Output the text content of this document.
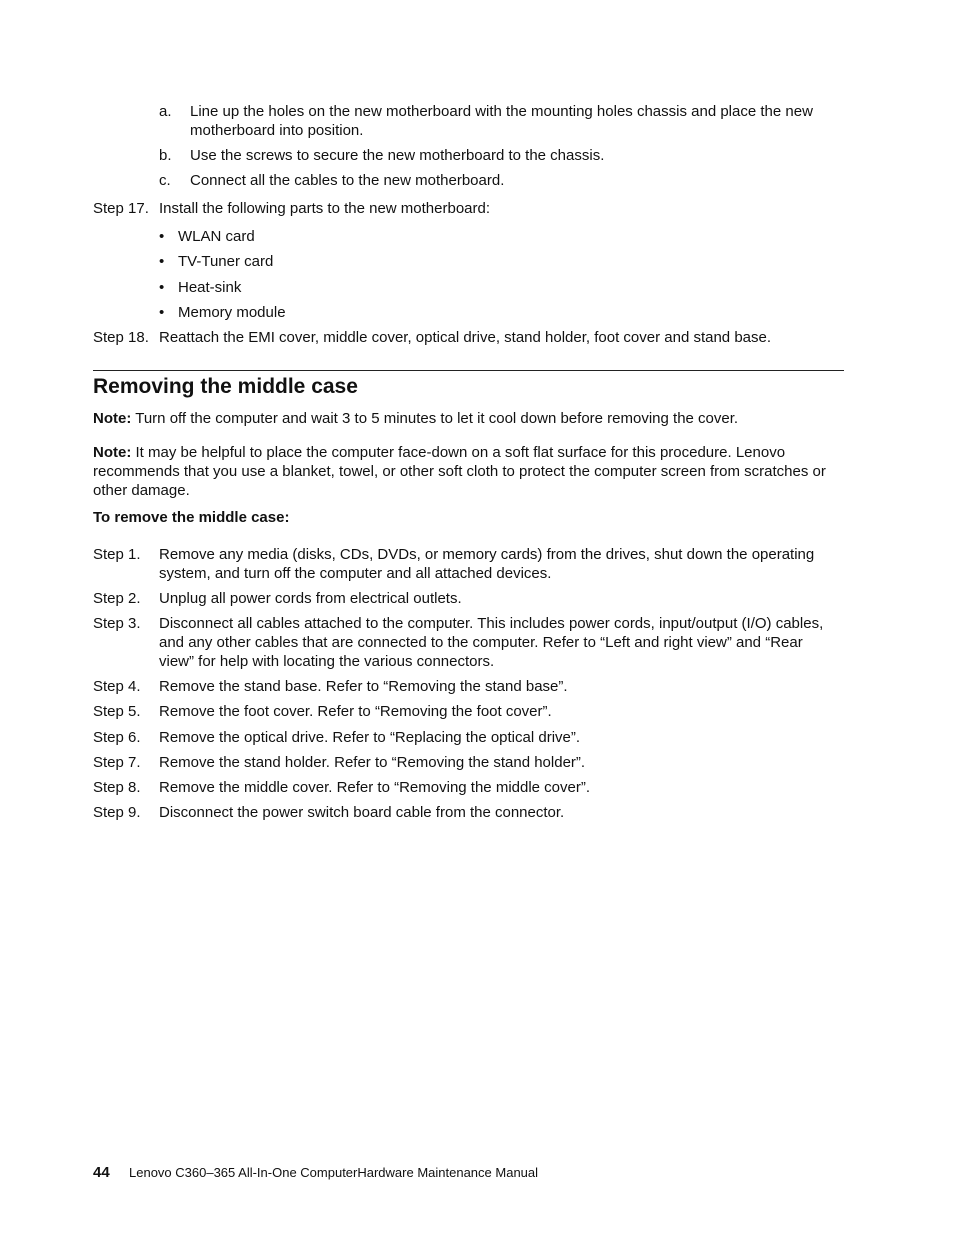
a. Line up the holes on the new motherboard with the mounting holes chassis and place the new motherboard into position.
b. Use the screws to secure the new motherboard to the chassis.
c. Connect all the cables to the new motherboard.
Step 17. Install the following parts to the new motherboard:
• WLAN card
• TV-Tuner card
• Heat-sink
• Memory module
Step 18. Reattach the EMI cover, middle cover, optical drive, stand holder, foot cover and stand base.
Removing the middle case
Note: Turn off the computer and wait 3 to 5 minutes to let it cool down before removing the cover.
Note: It may be helpful to place the computer face-down on a soft flat surface for this procedure. Lenovo recommends that you use a blanket, towel, or other soft cloth to protect the computer screen from scratches or other damage.
To remove the middle case:
Step 1. Remove any media (disks, CDs, DVDs, or memory cards) from the drives, shut down the operating system, and turn off the computer and all attached devices.
Step 2. Unplug all power cords from electrical outlets.
Step 3. Disconnect all cables attached to the computer. This includes power cords, input/output (I/O) cables, and any other cables that are connected to the computer. Refer to “Left and right view” and “Rear view” for help with locating the various connectors.
Step 4. Remove the stand base. Refer to “Removing the stand base”.
Step 5. Remove the foot cover. Refer to “Removing the foot cover”.
Step 6. Remove the optical drive. Refer to “Replacing the optical drive”.
Step 7. Remove the stand holder. Refer to “Removing the stand holder”.
Step 8. Remove the middle cover. Refer to “Removing the middle cover”.
Step 9. Disconnect the power switch board cable from the connector.
44 Lenovo C360–365 All-In-One ComputerHardware Maintenance Manual
